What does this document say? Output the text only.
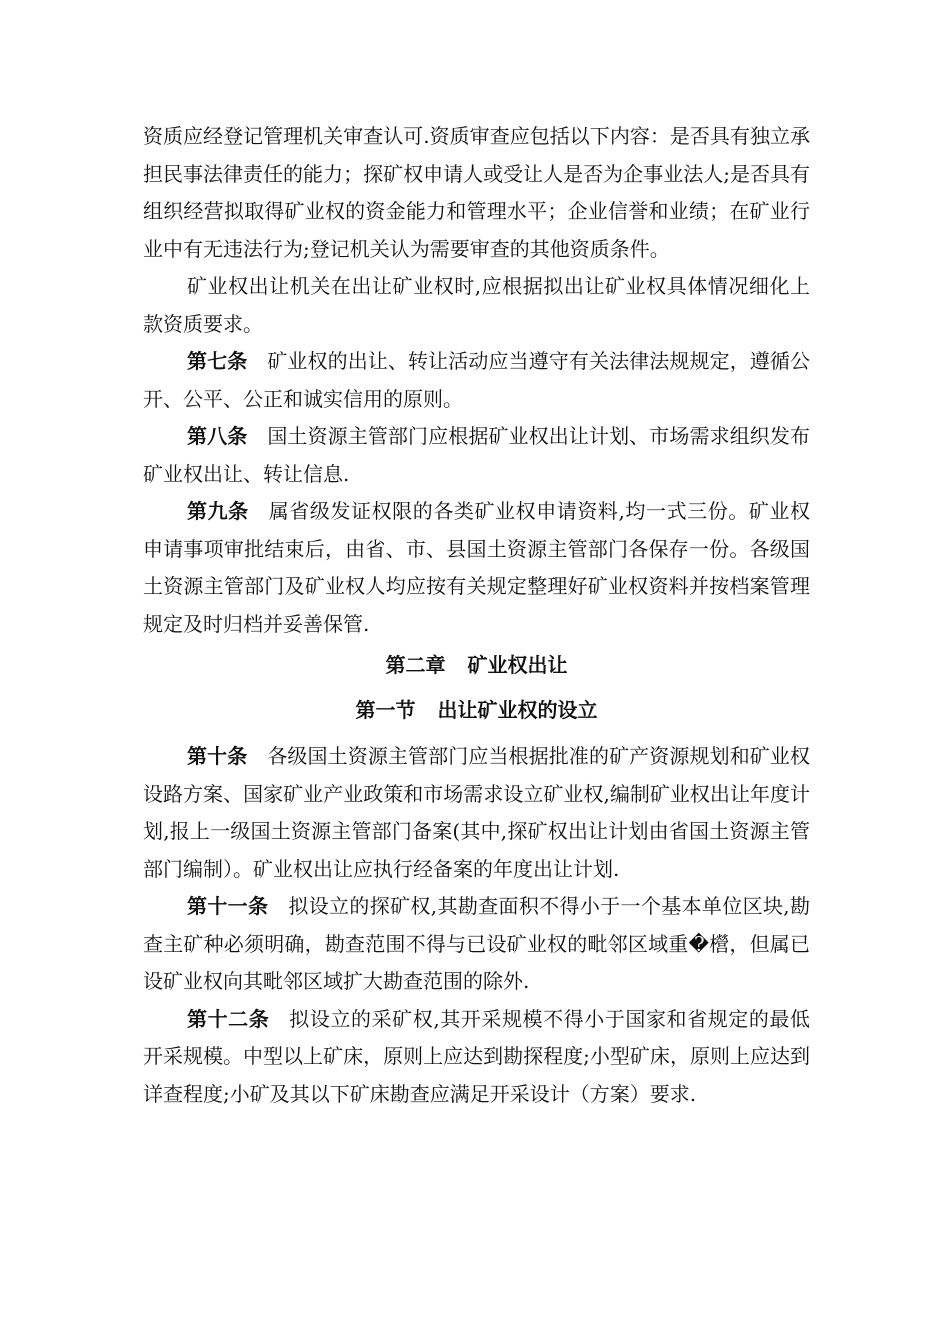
资质应经登记管理机关审查认可.资质审查应包括以下内容：是否具有独立承担民事法律责任的能力；探矿权申请人或受让人是否为企事业法人;是否具有组织经营拟取得矿业权的资金能力和管理水平；企业信誉和业绩；在矿业行业中有无违法行为;登记机关认为需要审查的其他资质条件。

矿业权出让机关在出让矿业权时,应根据拟出让矿业权具体情况细化上款资质要求。

第七条 矿业权的出让、转让活动应当遵守有关法律法规规定，遵循公开、公平、公正和诚实信用的原则。

第八条 国土资源主管部门应根据矿业权出让计划、市场需求组织发布矿业权出让、转让信息.

第九条 属省级发证权限的各类矿业权申请资料,均一式三份。矿业权申请事项审批结束后，由省、市、县国土资源主管部门各保存一份。各级国土资源主管部门及矿业权人均应按有关规定整理好矿业权资料并按档案管理规定及时归档并妥善保管.

第二章 矿业权出让
第一节 出让矿业权的设立

第十条 各级国土资源主管部门应当根据批准的矿产资源规划和矿业权设路方案、国家矿业产业政策和市场需求设立矿业权,编制矿业权出让年度计划,报上一级国土资源主管部门备案(其中,探矿权出让计划由省国土资源主管部门编制）。矿业权出让应执行经备案的年度出让计划.

第十一条 拟设立的探矿权,其勘查面积不得小于一个基本单位区块,勘查主矿种必须明确，勘查范围不得与已设矿业权的毗邻区域重�櫿，但属已设矿业权向其毗邻区域扩大勘查范围的除外.

第十二条 拟设立的采矿权,其开采规模不得小于国家和省规定的最低开采规模。中型以上矿床，原则上应达到勘探程度;小型矿床，原则上应达到详查程度;小矿及其以下矿床勘查应满足开采设计（方案）要求.
